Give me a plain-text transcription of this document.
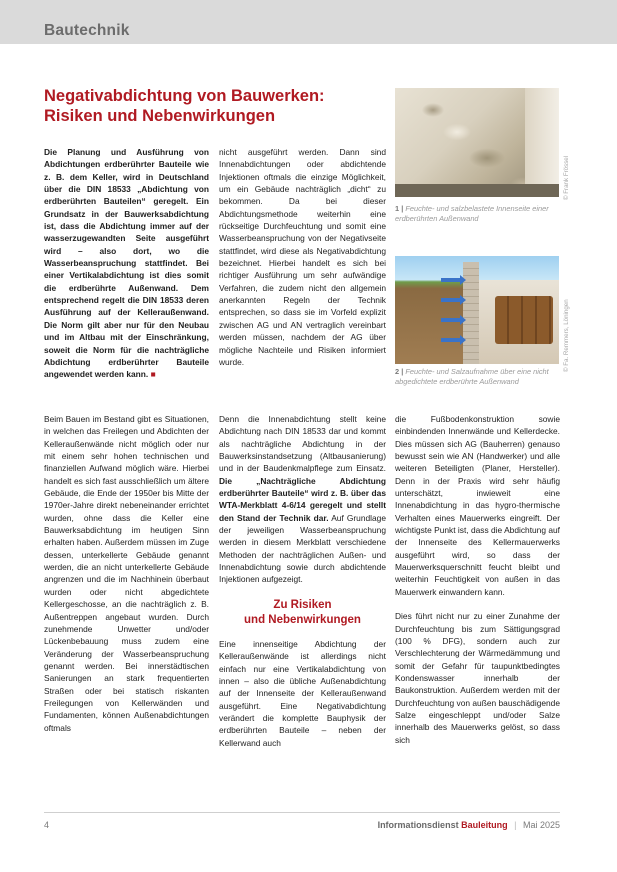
Bautechnik
Negativabdichtung von Bauwerken:
Risiken und Nebenwirkungen
Die Planung und Ausführung von Abdichtungen erdberührter Bauteile wie z. B. dem Keller, wird in Deutschland über die DIN 18533 „Abdichtung von erdberührten Bauteilen“ geregelt. Ein Grundsatz in der Bauwerksabdichtung ist, dass die Abdichtung immer auf der wasserzugewandten Seite ausgeführt wird – also dort, wo die Wasserbeanspruchung stattfindet. Bei einer Vertikalabdichtung ist dies somit die erdberührte Außenwand. Dem entsprechend regelt die DIN 18533 deren Ausführung auf der Kelleraußenwand. Die Norm gilt aber nur für den Neubau und im Altbau mit der Einschränkung, soweit die Norm für die nachträgliche Abdichtung erdberührter Bauteile angewendet werden kann. ■
nicht ausgeführt werden. Dann sind Innenabdichtungen oder abdichtende Injektionen oftmals die einzige Möglichkeit, um ein Gebäude nachträglich „dicht“ zu bekommen. Da bei dieser Abdichtungsmethode weiterhin eine rückseitige Durchfeuchtung und somit eine Wasserbeanspruchung von der Negativseite stattfindet, wird diese als Negativabdichtung bezeichnet. Hierbei handelt es sich bei richtiger Ausführung um sehr aufwändige Verfahren, die zudem nicht den allgemein anerkannten Regeln der Technik entsprechen, so dass sie im Vorfeld explizit zwischen AG und AN vertraglich vereinbart werden müssen, nachdem der AG über mögliche Nachteile und Risiken informiert wurde.
1 | Feuchte- und salzbelastete Innenseite einer erdberührten Außenwand
© Frank Frössel
2 | Feuchte- und Salzaufnahme über eine nicht abgedichtete erdberührte Außenwand
© Fa. Remmers, Löningen
Beim Bauen im Bestand gibt es Situationen, in welchen das Freilegen und Abdichten der Kelleraußenwände nicht möglich oder nur mit einem sehr hohen technischen und finanziellen Aufwand möglich wäre. Hierbei handelt es sich fast ausschließlich um ältere Gebäude, die Ende der 1950er bis Mitte der 1970er-Jahre direkt nebeneinander errichtet wurden, ohne dass die Keller eine Bauwerksabdichtung im heutigen Sinn erhalten haben. Außerdem müssen im Zuge dessen, unterkellerte Gebäude genannt werden, die an nicht unterkellerte Gebäude angrenzen und die im Nachhinein überbaut wurden oder nicht abgedichtete Kellergeschosse, an die nachträglich z. B. Außentreppen angebaut wurden. Durch zunehmende Unwetter und/oder Lückenbebauung muss zudem eine Veränderung der Wasserbeanspruchung genannt werden. Bei innerstädtischen Sanierungen an stark frequentierten Straßen oder bei statisch riskanten Freilegungen von Kellerwänden und Fundamenten, können Außenabdichtungen oftmals

Denn die Innenabdichtung stellt keine Abdichtung nach DIN 18533 dar und kommt als nachträgliche Abdichtung in der Bauwerksinstandsetzung (Altbausanierung) und in der Baudenkmalpflege zum Einsatz. Die „Nachträgliche Abdichtung erdberührter Bauteile“ wird z. B. über das WTA-Merkblatt 4-6/14 geregelt und stellt den Stand der Technik dar. Auf Grundlage der jeweiligen Wasserbeanspruchung werden in diesem Merkblatt verschiedene Methoden der nachträglichen Außen- und Innenabdichtung sowie durch abdichtende Injektionen aufgezeigt.

Zu Risiken
und Nebenwirkungen

Eine innenseitige Abdichtung der Kelleraußenwände ist allerdings nicht einfach nur eine Vertikalabdichtung von innen – also die übliche Außenabdichtung auf der Innenseite der Kelleraußenwand ausgeführt. Eine Negativabdichtung verändert die komplette Bauphysik der erdberührten Bauteile – neben der Kellerwand auch

die Fußbodenkonstruktion sowie einbindenden Innenwände und Kellerdecke. Dies müssen sich AG (Bauherren) genauso bewusst sein wie AN (Handwerker) und alle weiteren Beteiligten (Planer, Hersteller). Denn in der Praxis wird sehr häufig unterschätzt, inwieweit eine Innenabdichtung in das hygro-thermische Verhalten eines Mauerwerks eingreift. Der wichtigste Punkt ist, dass die Abdichtung auf der Innenseite des Kellermauerwerks ausgeführt wird, so dass der Mauerwerksquerschnitt feucht bleibt und weiterhin Feuchtigkeit von außen in das Mauerwerk einwandern kann.

Dies führt nicht nur zu einer Zunahme der Durchfeuchtung bis zum Sättigungsgrad (100 % DFG), sondern auch zur Verschlechterung der Wärmedämmung und somit der Gefahr für taupunktbedingtes Kondenswasser innerhalb der Baukonstruktion. Außerdem werden mit der Durchfeuchtung von außen bauschädigende Salze eingeschleppt und/oder Salze innerhalb des Mauerwerks gelöst, so dass sich

4	Informationsdienst Bauleitung | Mai 2025
